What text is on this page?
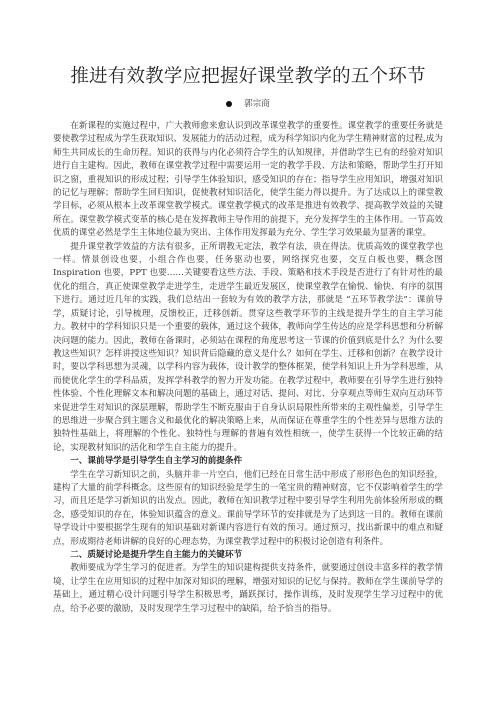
推进有效教学应把握好课堂教学的五个环节
郭宗商

在新课程的实施过程中，广大教师愈来愈认识到改革课堂教学的重要性。课堂教学的重要任务就是要使教学过程成为学生获取知识、发展能力的活动过程，成为科学知识内化为学生精神财富的过程,成为师生共同成长的生命历程。知识的获得与内化必须符合学生的认知规律，并借助学生已有的经验对知识进行自主建构。因此，教师在课堂教学过程中需要运用一定的教学手段、方法和策略，帮助学生打开知识之窗，重视知识的形成过程；引导学生体验知识，感受知识的存在；指导学生应用知识，增强对知识的记忆与理解；帮助学生回归知识，促使教材知识活化，使学生能力得以提升。为了达成以上的课堂教学目标，必须从根本上改革课堂教学模式。课堂教学模式的改革是推进有效教学、提高教学效益的关键所在。课堂教学模式变革的核心是在发挥教师主导作用的前提下，充分发挥学生的主体作用。一节高效优质的课堂必然是学生主体地位最为突出、主体作用发挥最为充分、学生学习效果最为显著的课堂。

提升课堂教学效益的方法有很多，正所谓教无定法，教学有法，贵在得法。优质高效的课堂教学也一样。情景创设也要，小组合作也要，任务驱动也要，网络探究也要，交互白板也要，概念图 Inspiration 也要，PPT 也要……关键要看这些方法、手段、策略和技术手段是否进行了有针对性的最优化的组合，真正使课堂教学走进学生，走进学生最近发展区，使课堂教学在愉悦、愉快、有序的氛围下进行。通过近几年的实践，我们总结出一套较为有效的教学方法，那就是 “五环节教学法”：课前导学，质疑讨论，引导梳理，反馈校正，迁移创新。贯穿这些教学环节的主线是提升学生的自主学习能力。教材中的学科知识只是一个重要的载体，通过这个载体，教师向学生传达的应是学科思想和分析解决问题的能力。因此，教师在备课时，必须站在课程的角度思考这一节课的价值到底是什么？为什么要教这些知识？怎样讲授这些知识？知识背后隐藏的意义是什么？如何在学生、迁移和创新？在教学设计时，要以学科思想为灵魂，以学科内容为载体，设计教学的整体框架，使学科知识上升为学科思维，从而使优化学生的学科品质，发挥学科教学的智力开发功能。在教学过程中，教师要在引导学生进行独特性体验、个性化理解文本和解决问题的基础上，通过对话、提问、对比、分享观点等师生双向互动环节来促进学生对知识的深层理解，帮助学生不断克服由于自身认识局限性所带来的主观性偏差，引导学生的思维进一步聚合到主题含义和最优化的解决策略上来，从而保证在尊重学生的个性差异与思维方法的独特性基础上，将理解的个性化、独特性与理解的普遍有效性相统一，使学生获得一个比较正确的结论，实现教材知识的活化和学生自主能力的提升。

一、课前导学是引导学生自主学习的前提条件

学生在学习新知识之前，头脑并非一片空白，他们已经在日常生活中形成了形形色色的知识经验，建构了大量的前学科概念。这些原有的知识经验是学生的一笔宝贵的精神财富，它不仅影响着学生的学习，而且还是学习新知识的出发点。因此，教师在知识教学过程中要引导学生利用先前体验所形成的概念，感受知识的存在，体验知识蕴含的意义。课前导学环节的安排就是为了达到这一目的。教师在课前导学设计中要根据学生现有的知识基础对新课内容进行有效的预习。通过预习，找出新课中的难点和疑点，形成期待老师讲解的良好的心理态势，为课堂教学过程中的积极讨论创造有利条件。

二、质疑讨论是提升学生自主能力的关键环节

教师要成为学生学习的促进者。为学生的知识建构提供支持条件，就要通过创设丰富多样的教学情境，让学生在应用知识的过程中加深对知识的理解，增强对知识的记忆与保持。教师在学生课前导学的基础上，通过精心设计问题引导学生积极思考，踊跃探讨，操作训练，及时发现学生学习过程中的优点，给予必要的激励，及时发现学生学习过程中的缺陷，给予恰当的指导。
